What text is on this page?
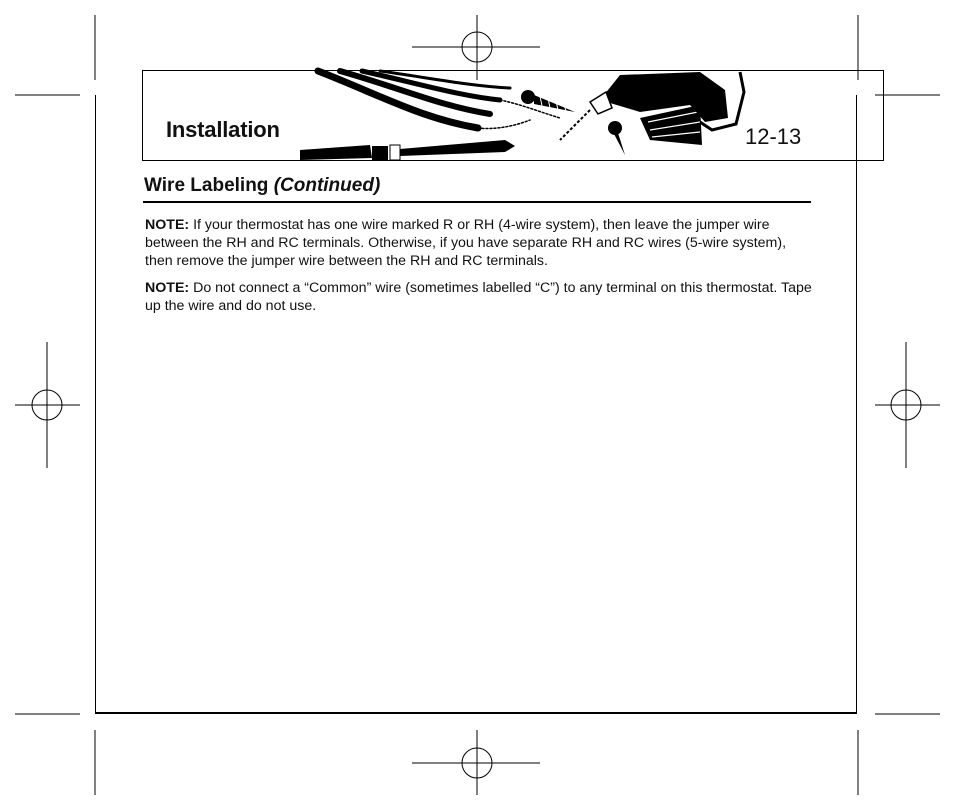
Installation	12-13
Wire Labeling (Continued)
NOTE: If your thermostat has one wire marked R or RH (4-wire system), then leave the jumper wire between the RH and RC terminals. Otherwise, if you have separate RH and RC wires (5-wire system), then remove the jumper wire between the RH and RC terminals.
NOTE: Do not connect a “Common” wire (sometimes labelled “C”) to any terminal on this thermostat. Tape up the wire and do not use.
